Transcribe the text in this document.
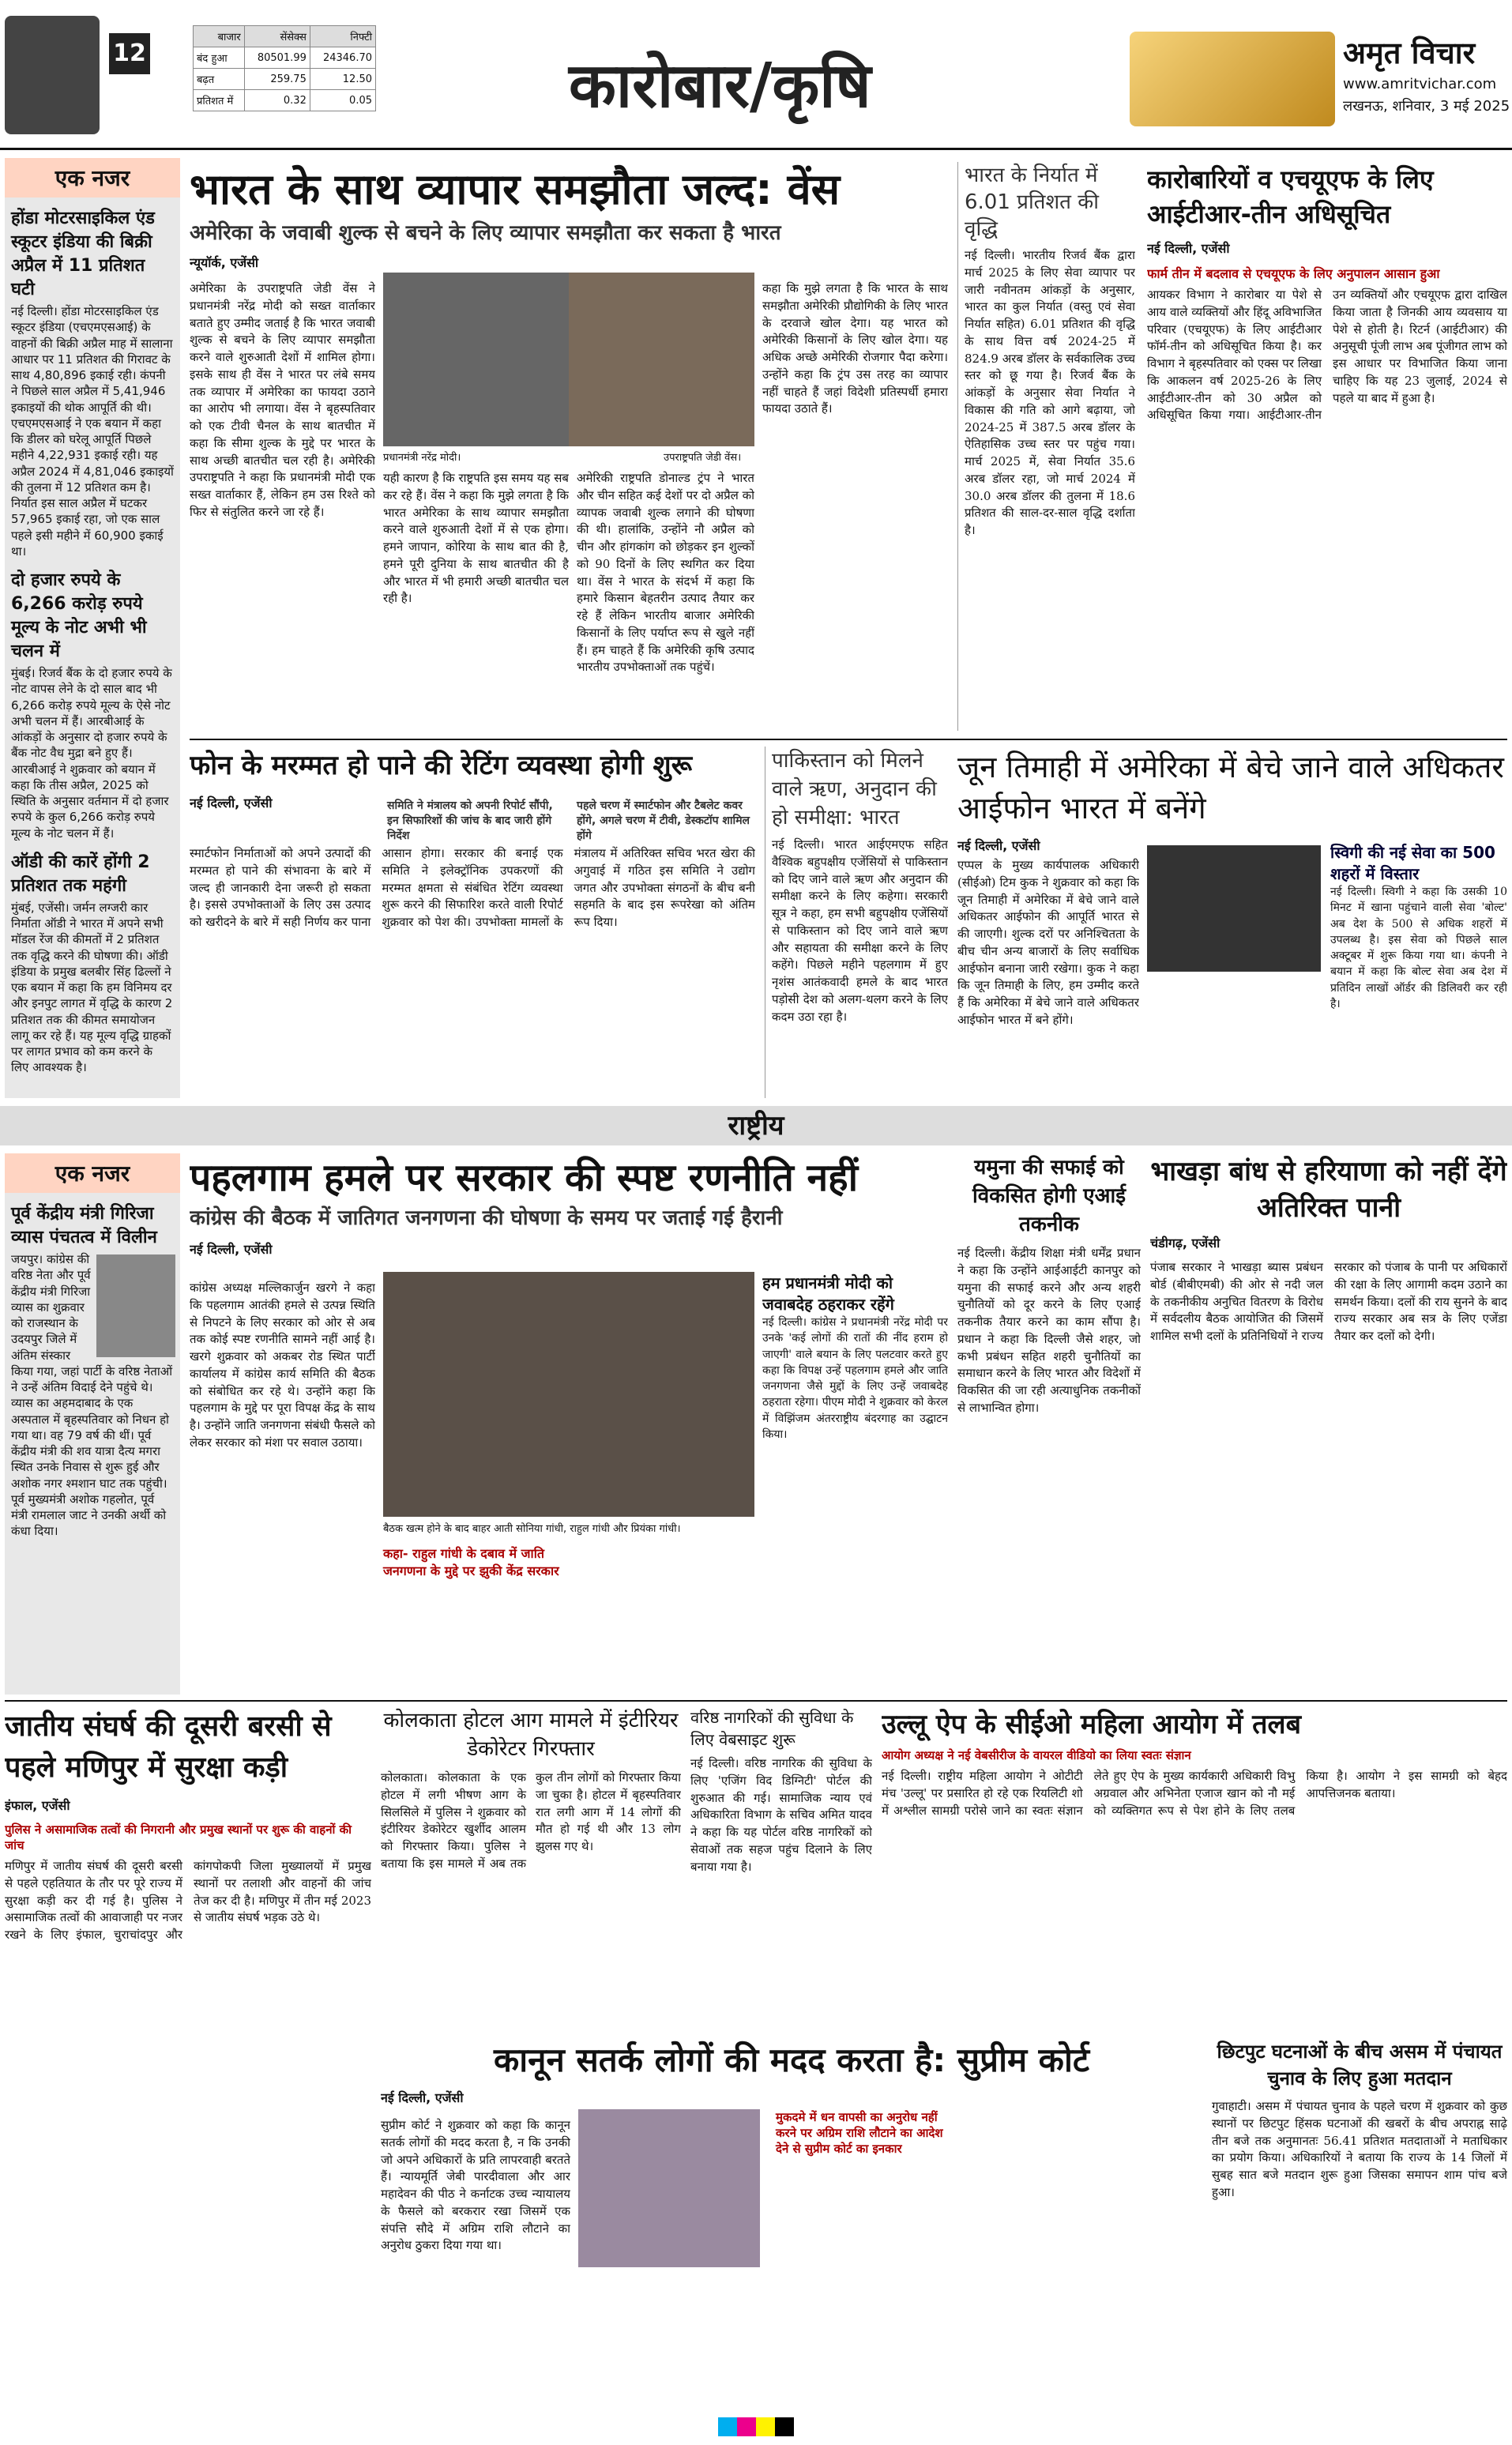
12
बाजार	सेंसेक्स	निफ्टी
बंद हुआ	80501.99	24346.70
बढ़त	259.75	12.50
प्रतिशत में	0.32	0.05	कारोबार/कृषि	अमृत विचार
www.amritvichar.com
लखनऊ, शनिवार, 3 मई 2025
एक नजर
होंडा मोटरसाइकिल एंड स्कूटर इंडिया की बिक्री अप्रैल में 11 प्रतिशत घटी
नई दिल्ली। होंडा मोटरसाइकिल एंड स्कूटर इंडिया (एचएमएसआई) के वाहनों की बिक्री अप्रैल माह में सालाना आधार पर 11 प्रतिशत की गिरावट के साथ 4,80,896 इकाई रही। कंपनी ने पिछले साल अप्रैल में 5,41,946 इकाइयों की थोक आपूर्ति की थी। एचएमएसआई ने एक बयान में कहा कि डीलर को घरेलू आपूर्ति पिछले महीने 4,22,931 इकाई रही। यह अप्रैल 2024 में 4,81,046 इकाइयों की तुलना में 12 प्रतिशत कम है। निर्यात इस साल अप्रैल में घटकर 57,965 इकाई रहा, जो एक साल पहले इसी महीने में 60,900 इकाई था।
दो हजार रुपये के 6,266 करोड़ रुपये मूल्य के नोट अभी भी चलन में
मुंबई। रिजर्व बैंक के दो हजार रुपये के नोट वापस लेने के दो साल बाद भी 6,266 करोड़ रुपये मूल्य के ऐसे नोट अभी चलन में हैं। आरबीआई के आंकड़ों के अनुसार दो हजार रुपये के बैंक नोट वैध मुद्रा बने हुए हैं। आरबीआई ने शुक्रवार को बयान में कहा कि तीस अप्रैल, 2025 को स्थिति के अनुसार वर्तमान में दो हजार रुपये के कुल 6,266 करोड़ रुपये मूल्य के नोट चलन में हैं।
ऑडी की कारें होंगी 2 प्रतिशत तक महंगी
मुंबई, एजेंसी। जर्मन लग्जरी कार निर्माता ऑडी ने भारत में अपने सभी मॉडल रेंज की कीमतों में 2 प्रतिशत तक वृद्धि करने की घोषणा की। ऑडी इंडिया के प्रमुख बलबीर सिंह ढिल्लों ने एक बयान में कहा कि हम विनिमय दर और इनपुट लागत में वृद्धि के कारण 2 प्रतिशत तक की कीमत समायोजन लागू कर रहे हैं। यह मूल्य वृद्धि ग्राहकों पर लागत प्रभाव को कम करने के लिए आवश्यक है।
भारत के साथ व्यापार समझौता जल्द: वेंस
अमेरिका के जवाबी शुल्क से बचने के लिए व्यापार समझौता कर सकता है भारत
न्यूयॉर्क, एजेंसी
अमेरिका के उपराष्ट्रपति जेडी वेंस ने प्रधानमंत्री नरेंद्र मोदी को सख्त वार्ताकार बताते हुए उम्मीद जताई है कि भारत जवाबी शुल्क से बचने के लिए व्यापार समझौता करने वाले शुरुआती देशों में शामिल होगा। इसके साथ ही वेंस ने भारत पर लंबे समय तक व्यापार में अमेरिका का फायदा उठाने का आरोप भी लगाया। वेंस ने बृहस्पतिवार को एक टीवी चैनल के साथ बातचीत में कहा कि सीमा शुल्क के मुद्दे पर भारत के साथ अच्छी बातचीत चल रही है। अमेरिकी उपराष्ट्रपति ने कहा कि प्रधानमंत्री मोदी एक सख्त वार्ताकार हैं, लेकिन हम उस रिश्ते को फिर से संतुलित करने जा रहे हैं।
प्रधानमंत्री नरेंद्र मोदी।	उपराष्ट्रपति जेडी वेंस।
यही कारण है कि राष्ट्रपति इस समय यह सब कर रहे हैं। वेंस ने कहा कि मुझे लगता है कि भारत अमेरिका के साथ व्यापार समझौता करने वाले शुरुआती देशों में से एक होगा। हमने जापान, कोरिया के साथ बात की है, हमने पूरी दुनिया के साथ बातचीत की है और भारत में भी हमारी अच्छी बातचीत चल रही है।
अमेरिकी राष्ट्रपति डोनाल्ड ट्रंप ने भारत और चीन सहित कई देशों पर दो अप्रैल को व्यापक जवाबी शुल्क लगाने की घोषणा की थी। हालांकि, उन्होंने नौ अप्रैल को चीन और हांगकांग को छोड़कर इन शुल्कों को 90 दिनों के लिए स्थगित कर दिया था। वेंस ने भारत के संदर्भ में कहा कि हमारे किसान बेहतरीन उत्पाद तैयार कर रहे हैं लेकिन भारतीय बाजार अमेरिकी किसानों के लिए पर्याप्त रूप से खुले नहीं हैं। हम चाहते हैं कि अमेरिकी कृषि उत्पाद भारतीय उपभोक्ताओं तक पहुंचें।
कहा कि मुझे लगता है कि भारत के साथ समझौता अमेरिकी प्रौद्योगिकी के लिए भारत के दरवाजे खोल देगा। यह भारत को अमेरिकी किसानों के लिए खोल देगा। यह अधिक अच्छे अमेरिकी रोजगार पैदा करेगा। उन्होंने कहा कि ट्रंप उस तरह का व्यापार नहीं चाहते हैं जहां विदेशी प्रतिस्पर्धी हमारा फायदा उठाते हैं।
भारत के निर्यात में 6.01 प्रतिशत की वृद्धि
नई दिल्ली। भारतीय रिजर्व बैंक द्वारा मार्च 2025 के लिए सेवा व्यापार पर जारी नवीनतम आंकड़ों के अनुसार, भारत का कुल निर्यात (वस्तु एवं सेवा निर्यात सहित) 6.01 प्रतिशत की वृद्धि के साथ वित्त वर्ष 2024-25 में 824.9 अरब डॉलर के सर्वकालिक उच्च स्तर को छू गया है। रिजर्व बैंक के आंकड़ों के अनुसार सेवा निर्यात ने विकास की गति को आगे बढ़ाया, जो 2024-25 में 387.5 अरब डॉलर के ऐतिहासिक उच्च स्तर पर पहुंच गया। मार्च 2025 में, सेवा निर्यात 35.6 अरब डॉलर रहा, जो मार्च 2024 में 30.0 अरब डॉलर की तुलना में 18.6 प्रतिशत की साल-दर-साल वृद्धि दर्शाता है।
कारोबारियों व एचयूएफ के लिए आईटीआर-तीन अधिसूचित
नई दिल्ली, एजेंसी
फार्म तीन में बदलाव से एचयूएफ के लिए अनुपालन आसान हुआ
आयकर विभाग ने कारोबार या पेशे से आय वाले व्यक्तियों और हिंदू अविभाजित परिवार (एचयूएफ) के लिए आईटीआर फॉर्म-तीन को अधिसूचित किया है। कर विभाग ने बृहस्पतिवार को एक्स पर लिखा कि आकलन वर्ष 2025-26 के लिए आईटीआर-तीन को 30 अप्रैल को अधिसूचित किया गया। आईटीआर-तीन उन व्यक्तियों और एचयूएफ द्वारा दाखिल किया जाता है जिनकी आय व्यवसाय या पेशे से होती है। रिटर्न (आईटीआर) की अनुसूची पूंजी लाभ अब पूंजीगत लाभ को इस आधार पर विभाजित किया जाना चाहिए कि यह 23 जुलाई, 2024 से पहले या बाद में हुआ है।
फोन के मरम्मत हो पाने की रेटिंग व्यवस्था होगी शुरू
नई दिल्ली, एजेंसी	समिति ने मंत्रालय को अपनी रिपोर्ट सौंपी, इन सिफारिशों की जांच के बाद जारी होंगे निर्देश
पहले चरण में स्मार्टफोन और टैबलेट कवर होंगे, अगले चरण में टीवी, डेस्कटॉप शामिल होंगे
स्मार्टफोन निर्माताओं को अपने उत्पादों की मरम्मत हो पाने की संभावना के बारे में जल्द ही जानकारी देना जरूरी हो सकता है। इससे उपभोक्ताओं के लिए उस उत्पाद को खरीदने के बारे में सही निर्णय कर पाना आसान होगा। सरकार की बनाई एक समिति ने इलेक्ट्रॉनिक उपकरणों की मरम्मत क्षमता से संबंधित रेटिंग व्यवस्था शुरू करने की सिफारिश करते वाली रिपोर्ट शुक्रवार को पेश की। उपभोक्ता मामलों के मंत्रालय में अतिरिक्त सचिव भरत खेरा की अगुवाई में गठित इस समिति ने उद्योग जगत और उपभोक्ता संगठनों के बीच बनी सहमति के बाद इस रूपरेखा को अंतिम रूप दिया।
पाकिस्तान को मिलने वाले ऋण, अनुदान की हो समीक्षा: भारत
नई दिल्ली। भारत आईएमएफ सहित वैश्विक बहुपक्षीय एजेंसियों से पाकिस्तान को दिए जाने वाले ऋण और अनुदान की समीक्षा करने के लिए कहेगा। सरकारी सूत्र ने कहा, हम सभी बहुपक्षीय एजेंसियों से पाकिस्तान को दिए जाने वाले ऋण और सहायता की समीक्षा करने के लिए कहेंगे। पिछले महीने पहलगाम में हुए नृशंस आतंकवादी हमले के बाद भारत पड़ोसी देश को अलग-थलग करने के लिए कदम उठा रहा है।
जून तिमाही में अमेरिका में बेचे जाने वाले अधिकतर आईफोन भारत में बनेंगे
नई दिल्ली, एजेंसी
एप्पल के मुख्य कार्यपालक अधिकारी (सीईओ) टिम कुक ने शुक्रवार को कहा कि जून तिमाही में अमेरिका में बेचे जाने वाले अधिकतर आईफोन की आपूर्ति भारत से की जाएगी। शुल्क दरों पर अनिश्चितता के बीच चीन अन्य बाजारों के लिए सर्वाधिक आईफोन बनाना जारी रखेगा। कुक ने कहा कि जून तिमाही के लिए, हम उम्मीद करते हैं कि अमेरिका में बेचे जाने वाले अधिकतर आईफोन भारत में बने होंगे।
स्विगी की नई सेवा का 500 शहरों में विस्तार
नई दिल्ली। स्विगी ने कहा कि उसकी 10 मिनट में खाना पहुंचाने वाली सेवा 'बोल्ट' अब देश के 500 से अधिक शहरों में उपलब्ध है। इस सेवा को पिछले साल अक्टूबर में शुरू किया गया था। कंपनी ने बयान में कहा कि बोल्ट सेवा अब देश में प्रतिदिन लाखों ऑर्डर की डिलिवरी कर रही है।
राष्ट्रीय
एक नजर
पूर्व केंद्रीय मंत्री गिरिजा व्यास पंचतत्व में विलीन
जयपुर। कांग्रेस की वरिष्ठ नेता और पूर्व केंद्रीय मंत्री गिरिजा व्यास का शुक्रवार को राजस्थान के उदयपुर जिले में अंतिम संस्कार किया गया, जहां पार्टी के वरिष्ठ नेताओं ने उन्हें अंतिम विदाई देने पहुंचे थे। व्यास का अहमदाबाद के एक अस्पताल में बृहस्पतिवार को निधन हो गया था। वह 79 वर्ष की थीं। पूर्व केंद्रीय मंत्री की शव यात्रा दैत्य मगरा स्थित उनके निवास से शुरू हुई और अशोक नगर श्मशान घाट तक पहुंची। पूर्व मुख्यमंत्री अशोक गहलोत, पूर्व मंत्री रामलाल जाट ने उनकी अर्थी को कंधा दिया।
पहलगाम हमले पर सरकार की स्पष्ट रणनीति नहीं
कांग्रेस की बैठक में जातिगत जनगणना की घोषणा के समय पर जताई गई हैरानी
नई दिल्ली, एजेंसी
कांग्रेस अध्यक्ष मल्लिकार्जुन खरगे ने कहा कि पहलगाम आतंकी हमले से उत्पन्न स्थिति से निपटने के लिए सरकार को ओर से अब तक कोई स्पष्ट रणनीति सामने नहीं आई है। खरगे शुक्रवार को अकबर रोड स्थित पार्टी कार्यालय में कांग्रेस कार्य समिति की बैठक को संबोधित कर रहे थे। उन्होंने कहा कि पहलगाम के मुद्दे पर पूरा विपक्ष केंद्र के साथ है। उन्होंने जाति जनगणना संबंधी फैसले को लेकर सरकार को मंशा पर सवाल उठाया।
बैठक खत्म होने के बाद बाहर आती सोनिया गांधी, राहुल गांधी और प्रियंका गांधी।
कहा- राहुल गांधी के दबाव में जाति जनगणना के मुद्दे पर झुकी केंद्र सरकार
हम प्रधानमंत्री मोदी को जवाबदेह ठहराकर रहेंगे
नई दिल्ली। कांग्रेस ने प्रधानमंत्री नरेंद्र मोदी पर उनके 'कई लोगों की रातों की नींद हराम हो जाएगी' वाले बयान के लिए पलटवार करते हुए कहा कि विपक्ष उन्हें पहलगाम हमले और जाति जनगणना जैसे मुद्दों के लिए उन्हें जवाबदेह ठहराता रहेगा। पीएम मोदी ने शुक्रवार को केरल में विझिंजम अंतरराष्ट्रीय बंदरगाह का उद्घाटन किया।
यमुना की सफाई को विकसित होगी एआई तकनीक
नई दिल्ली। केंद्रीय शिक्षा मंत्री धर्मेंद्र प्रधान ने कहा कि उन्होंने आईआईटी कानपुर को यमुना की सफाई करने और अन्य शहरी चुनौतियों को दूर करने के लिए एआई तकनीक तैयार करने का काम सौंपा है। प्रधान ने कहा कि दिल्ली जैसे शहर, जो कभी प्रबंधन सहित शहरी चुनौतियों का समाधान करने के लिए भारत और विदेशों में विकसित की जा रही अत्याधुनिक तकनीकों से लाभान्वित होगा।
भाखड़ा बांध से हरियाणा को नहीं देंगे अतिरिक्त पानी
चंडीगढ़, एजेंसी
पंजाब सरकार ने भाखड़ा ब्यास प्रबंधन बोर्ड (बीबीएमबी) की ओर से नदी जल के तकनीकीय अनुचित वितरण के विरोध में सर्वदलीय बैठक आयोजित की जिसमें शामिल सभी दलों के प्रतिनिधियों ने राज्य सरकार को पंजाब के पानी पर अधिकारों की रक्षा के लिए आगामी कदम उठाने का समर्थन किया। दलों की राय सुनने के बाद राज्य सरकार अब सत्र के लिए एजेंडा तैयार कर दलों को देगी।
जातीय संघर्ष की दूसरी बरसी से पहले मणिपुर में सुरक्षा कड़ी
इंफाल, एजेंसी
पुलिस ने असामाजिक तत्वों की निगरानी और प्रमुख स्थानों पर शुरू की वाहनों की जांच
मणिपुर में जातीय संघर्ष की दूसरी बरसी से पहले एहतियात के तौर पर पूरे राज्य में सुरक्षा कड़ी कर दी गई है। पुलिस ने असामाजिक तत्वों की आवाजाही पर नजर रखने के लिए इंफाल, चुराचांदपुर और कांगपोकपी जिला मुख्यालयों में प्रमुख स्थानों पर तलाशी और वाहनों की जांच तेज कर दी है। मणिपुर में तीन मई 2023 से जातीय संघर्ष भड़क उठे थे।
कोलकाता होटल आग मामले में इंटीरियर डेकोरेटर गिरफ्तार
कोलकाता। कोलकाता के एक होटल में लगी भीषण आग के सिलसिले में पुलिस ने शुक्रवार को इंटीरियर डेकोरेटर खुर्शीद आलम को गिरफ्तार किया। पुलिस ने बताया कि इस मामले में अब तक कुल तीन लोगों को गिरफ्तार किया जा चुका है। होटल में बृहस्पतिवार रात लगी आग में 14 लोगों की मौत हो गई थी और 13 लोग झुलस गए थे।
वरिष्ठ नागरिकों की सुविधा के लिए वेबसाइट शुरू
नई दिल्ली। वरिष्ठ नागरिक की सुविधा के लिए 'एजिंग विद डिग्निटी' पोर्टल की शुरुआत की गई। सामाजिक न्याय एवं अधिकारिता विभाग के सचिव अमित यादव ने कहा कि यह पोर्टल वरिष्ठ नागरिकों को सेवाओं तक सहज पहुंच दिलाने के लिए बनाया गया है।
उल्लू ऐप के सीईओ महिला आयोग में तलब
आयोग अध्यक्ष ने नई वेबसीरीज के वायरल वीडियो का लिया स्वतः संज्ञान
नई दिल्ली। राष्ट्रीय महिला आयोग ने ओटीटी मंच 'उल्लू' पर प्रसारित हो रहे एक रियलिटी शो में अश्लील सामग्री परोसे जाने का स्वतः संज्ञान लेते हुए ऐप के मुख्य कार्यकारी अधिकारी विभु अग्रवाल और अभिनेता एजाज खान को नौ मई को व्यक्तिगत रूप से पेश होने के लिए तलब किया है। आयोग ने इस सामग्री को बेहद आपत्तिजनक बताया।
कानून सतर्क लोगों की मदद करता है: सुप्रीम कोर्ट
नई दिल्ली, एजेंसी
मुकदमे में धन वापसी का अनुरोध नहीं करने पर अग्रिम राशि लौटाने का आदेश देने से सुप्रीम कोर्ट का इनकार
सुप्रीम कोर्ट ने शुक्रवार को कहा कि कानून सतर्क लोगों की मदद करता है, न कि उनकी जो अपने अधिकारों के प्रति लापरवाही बरतते हैं। न्यायमूर्ति जेबी पारदीवाला और आर महादेवन की पीठ ने कर्नाटक उच्च न्यायालय के फैसले को बरकरार रखा जिसमें एक संपत्ति सौदे में अग्रिम राशि लौटाने का अनुरोध ठुकरा दिया गया था।
छिटपुट घटनाओं के बीच असम में पंचायत चुनाव के लिए हुआ मतदान
गुवाहाटी। असम में पंचायत चुनाव के पहले चरण में शुक्रवार को कुछ स्थानों पर छिटपुट हिंसक घटनाओं की खबरों के बीच अपराह्न साढ़े तीन बजे तक अनुमानतः 56.41 प्रतिशत मतदाताओं ने मताधिकार का प्रयोग किया। अधिकारियों ने बताया कि राज्य के 14 जिलों में सुबह सात बजे मतदान शुरू हुआ जिसका समापन शाम पांच बजे हुआ।
